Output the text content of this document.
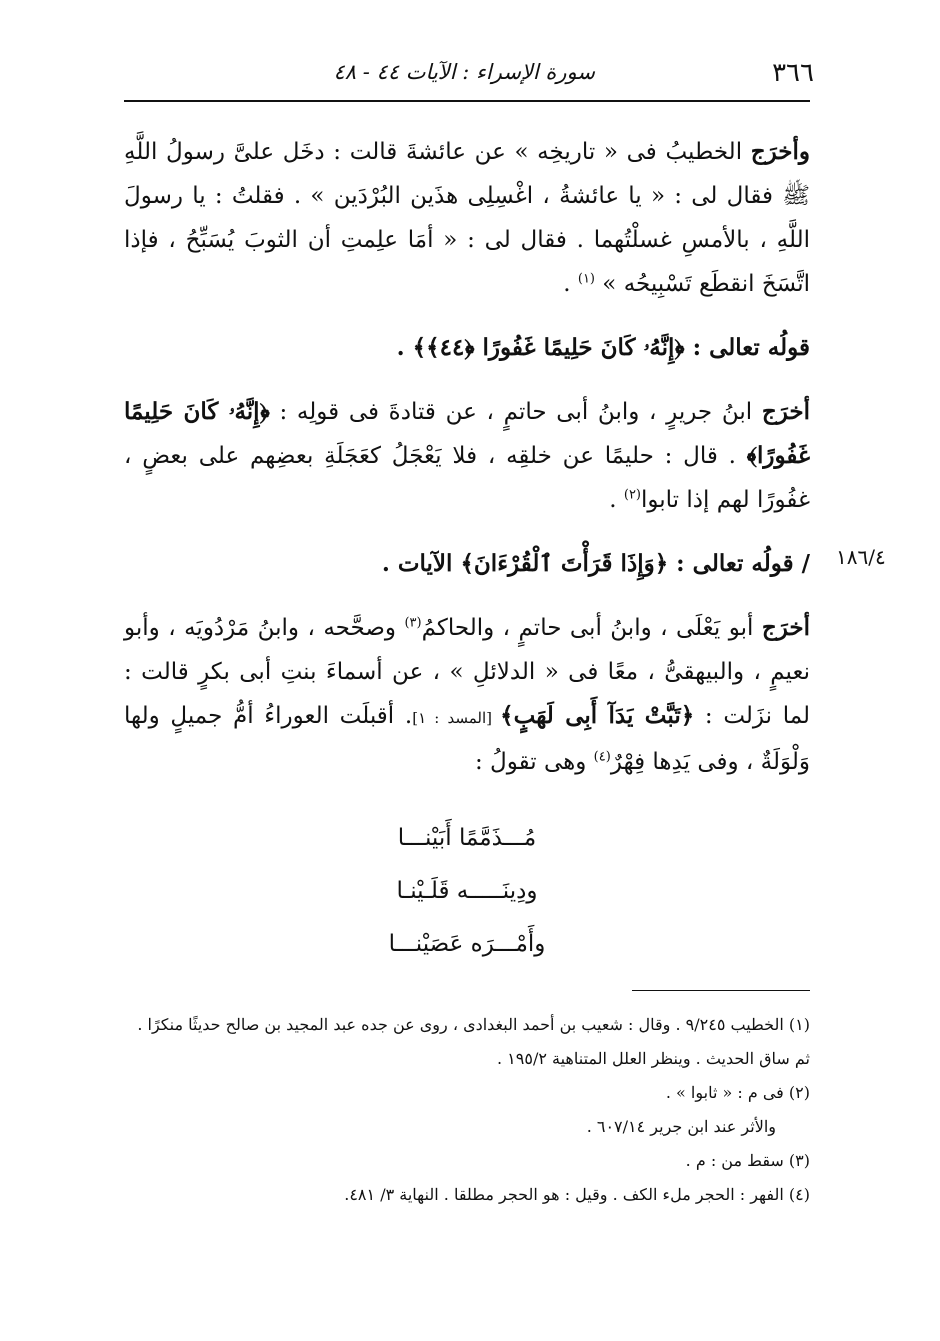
٣٦٦
سورة الإسراء : الآيات ٤٤ - ٤٨
١٨٦/٤

وأخرَج الخطيبُ فى « تاريخِه » عن عائشةَ قالت : دخَل علىَّ رسولُ اللَّهِ ﷺ فقال لى : « يا عائشةُ ، اغْسِلِى هذَين البُرْدَين » . فقلتُ : يا رسولَ اللَّهِ ، بالأمسِ غسلْتُهما . فقال لى : « أمَا علِمتِ أن الثوبَ يُسَبِّحُ ، فإذا اتَّسَخَ انقطَع تَسْبِيحُه » $^{(١)}$ .

قولُه تعالى : ﴿إِنَّهُۥ كَانَ حَلِيمًا غَفُورًا ﴿٤٤﴾﴾ .

أخرَج ابنُ جريرٍ ، وابنُ أبى حاتمٍ ، عن قتادةَ فى قولِه : ﴿إِنَّهُۥ كَانَ حَلِيمًا غَفُورًا﴾ . قال : حليمًا عن خلقِه ، فلا يَعْجَلُ كعَجَلَةِ بعضِهم على بعضٍ ، غفُورًا لهم إذا تابوا$^{(٢)}$ .

/ قولُه تعالى : ﴿وَإِذَا قَرَأْتَ ٱلْقُرْءَانَ﴾ الآيات .

أخرَج أبو يَعْلَى ، وابنُ أبى حاتمٍ ، والحاكمُ$^{(٣)}$ وصحَّحه ، وابنُ مَرْدُويَه ، وأبو نعيمٍ ، والبيهقىُّ ، معًا فى « الدلائلِ » ، عن أسماءَ بنتِ أبى بكرٍ قالت : لما نزَلت : ﴿تَبَّتْ يَدَآ أَبِى لَهَبٍ﴾ [المسد : ١]. أقبلَت العوراءُ أمُّ جميلٍ ولها وَلْوَلَةٌ ، وفى يَدِها فِهْرٌ$^{(٤)}$ وهى تقولُ :

مُـــذَمَّمًا أَبَيْنـــا
ودِينَـــــه قَلَـيْنـا
وأَمْـــرَه عَصَيْنـــا

(١) الخطيب ٩/٢٤٥ . وقال : شعيب بن أحمد البغدادى ، روى عن جده عبد المجيد بن صالح حديثًا منكرًا . ثم ساق الحديث . وينظر العلل المتناهية ١٩٥/٢ .

(٢) فى م : « ثابوا » .

والأثر عند ابن جرير ٦٠٧/١٤ .

(٣) سقط من : م .

(٤) الفهر : الحجر ملء الكف . وقيل : هو الحجر مطلقا . النهاية ٣/ ٤٨١.
